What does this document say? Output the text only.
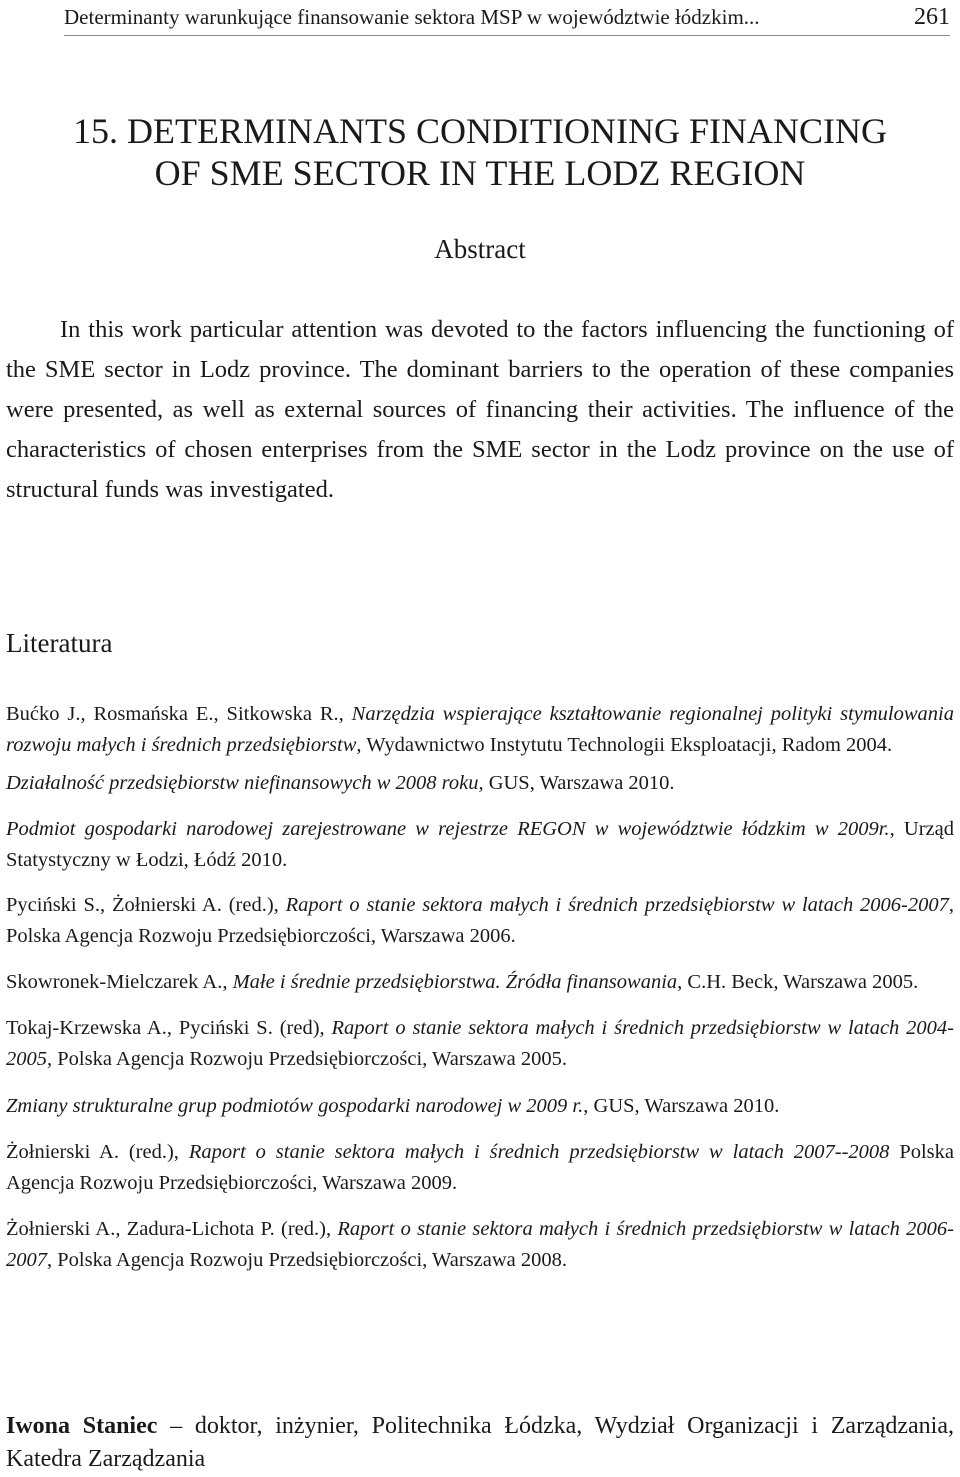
Determinanty warunkujące finansowanie sektora MSP w województwie łódzkim...	261
15. DETERMINANTS CONDITIONING FINANCING
OF SME SECTOR IN THE LODZ REGION
Abstract

In this work particular attention was devoted to the factors influencing the functioning of the SME sector in Lodz province. The dominant barriers to the operation of these companies were presented, as well as external sources of financing their activities. The influence of the characteristics of chosen enterprises from the SME sector in the Lodz province on the use of structural funds was investigated.

Literatura

Bućko J., Rosmańska E., Sitkowska R., Narzędzia wspierające kształtowanie regionalnej polityki stymulowania rozwoju małych i średnich przedsiębiorstw, Wydawnictwo Instytutu Technologii Eksploatacji, Radom 2004.

Działalność przedsiębiorstw niefinansowych w 2008 roku, GUS, Warszawa 2010.

Podmiot gospodarki narodowej zarejestrowane w rejestrze REGON w województwie łódzkim w 2009r., Urząd Statystyczny w Łodzi, Łódź 2010.

Pyciński S., Żołnierski A. (red.), Raport o stanie sektora małych i średnich przedsiębiorstw w latach 2006-2007, Polska Agencja Rozwoju Przedsiębiorczości, Warszawa 2006.

Skowronek-Mielczarek A., Małe i średnie przedsiębiorstwa. Źródła finansowania, C.H. Beck, Warszawa 2005.

Tokaj-Krzewska A., Pyciński S. (red), Raport o stanie sektora małych i średnich przedsiębiorstw w latach 2004-2005, Polska Agencja Rozwoju Przedsiębiorczości, Warszawa 2005.

Zmiany strukturalne grup podmiotów gospodarki narodowej w 2009 r., GUS, Warszawa 2010.

Żołnierski A. (red.), Raport o stanie sektora małych i średnich przedsiębiorstw w latach 2007--2008 Polska Agencja Rozwoju Przedsiębiorczości, Warszawa 2009.

Żołnierski A., Zadura-Lichota P. (red.), Raport o stanie sektora małych i średnich przedsiębiorstw w latach 2006-2007, Polska Agencja Rozwoju Przedsiębiorczości, Warszawa 2008.

Iwona Staniec – doktor, inżynier, Politechnika Łódzka, Wydział Organizacji i Zarządzania, Katedra Zarządzania
